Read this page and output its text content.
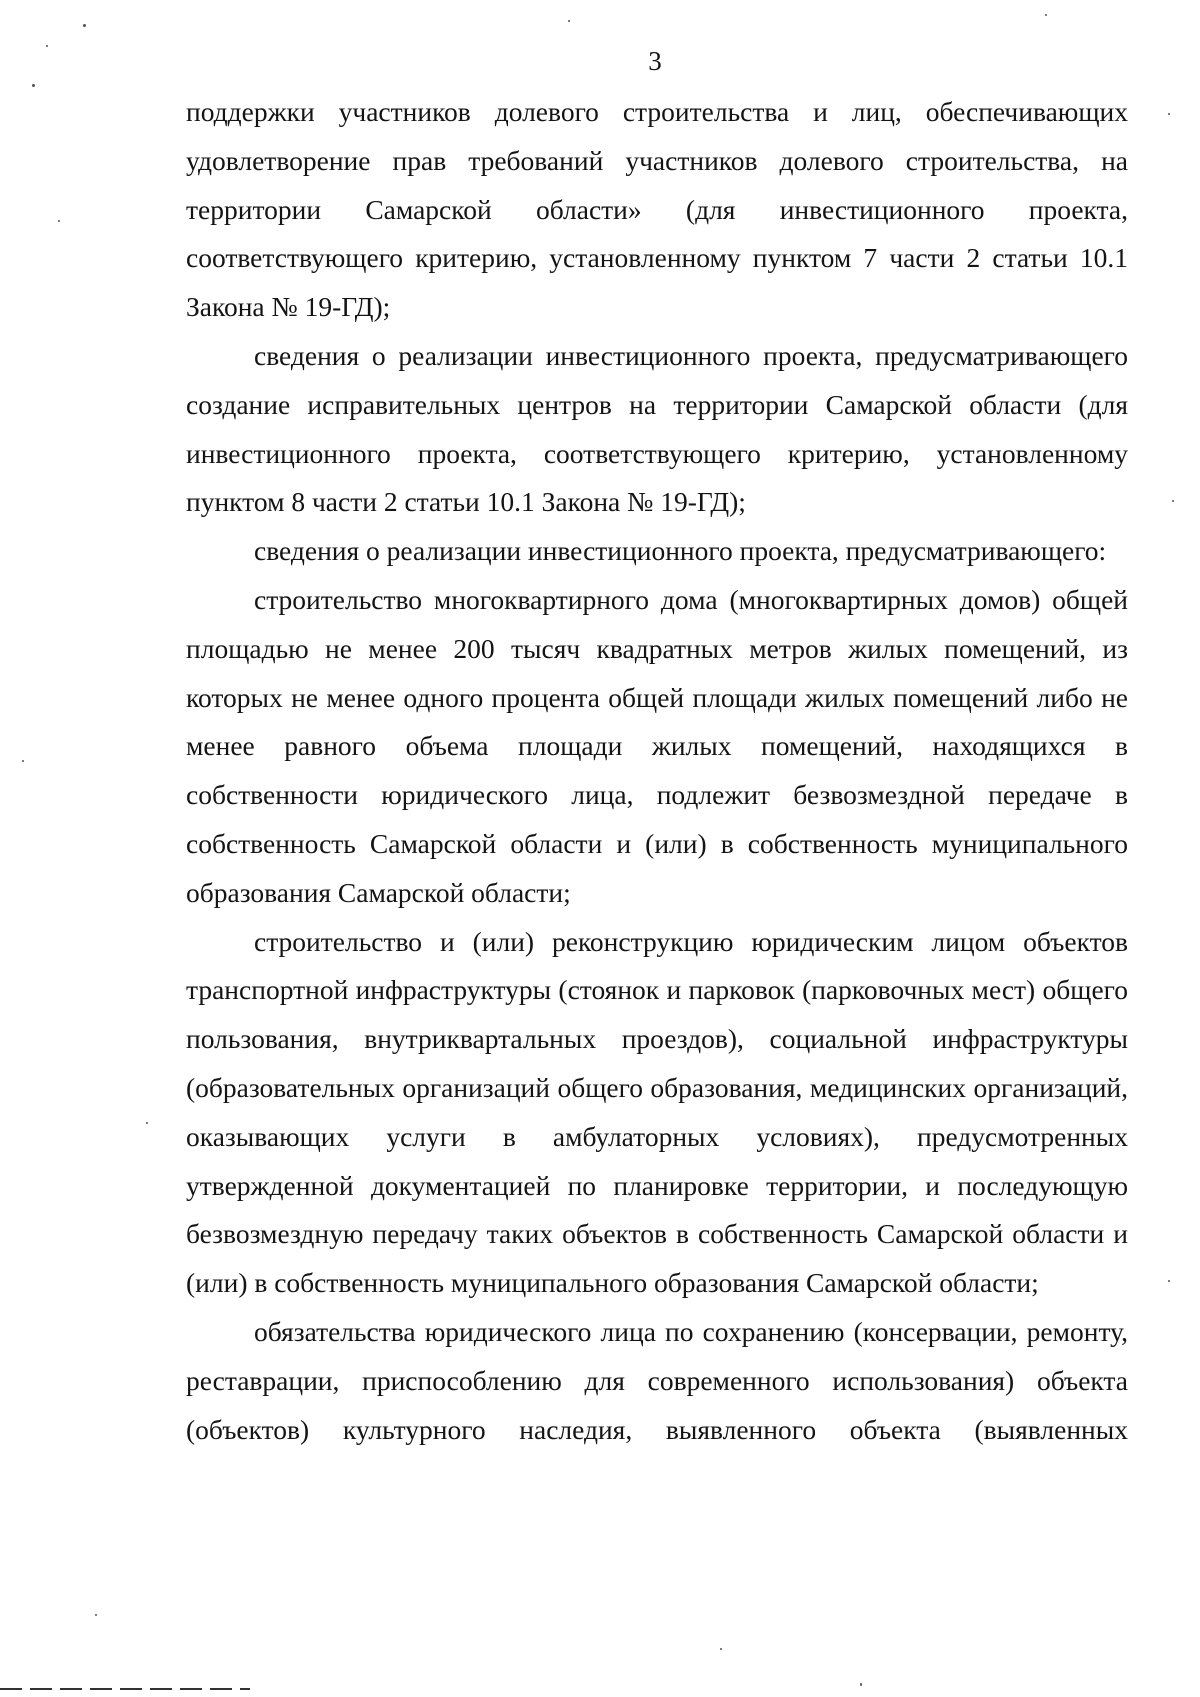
3

поддержки участников долевого строительства и лиц, обеспечивающих удовлетворение прав требований участников долевого строительства, на территории Самарской области» (для инвестиционного проекта, соответствующего критерию, установленному пунктом 7 части 2 статьи 10.1 Закона № 19-ГД);

сведения о реализации инвестиционного проекта, предусматривающего создание исправительных центров на территории Самарской области (для инвестиционного проекта, соответствующего критерию, установленному пунктом 8 части 2 статьи 10.1 Закона № 19-ГД);

сведения о реализации инвестиционного проекта, предусматривающего:

строительство многоквартирного дома (многоквартирных домов) общей площадью не менее 200 тысяч квадратных метров жилых помещений, из которых не менее одного процента общей площади жилых помещений либо не менее равного объема площади жилых помещений, находящихся в собственности юридического лица, подлежит безвозмездной передаче в собственность Самарской области и (или) в собственность муниципального образования Самарской области;

строительство и (или) реконструкцию юридическим лицом объектов транспортной инфраструктуры (стоянок и парковок (парковочных мест) общего пользования, внутриквартальных проездов), социальной инфраструктуры (образовательных организаций общего образования, медицинских организаций, оказывающих услуги в амбулаторных условиях), предусмотренных утвержденной документацией по планировке территории, и последующую безвозмездную передачу таких объектов в собственность Самарской области и (или) в собственность муниципального образования Самарской области;

обязательства юридического лица по сохранению (консервации, ремонту, реставрации, приспособлению для современного использования) объекта (объектов) культурного наследия, выявленного объекта (выявленных
